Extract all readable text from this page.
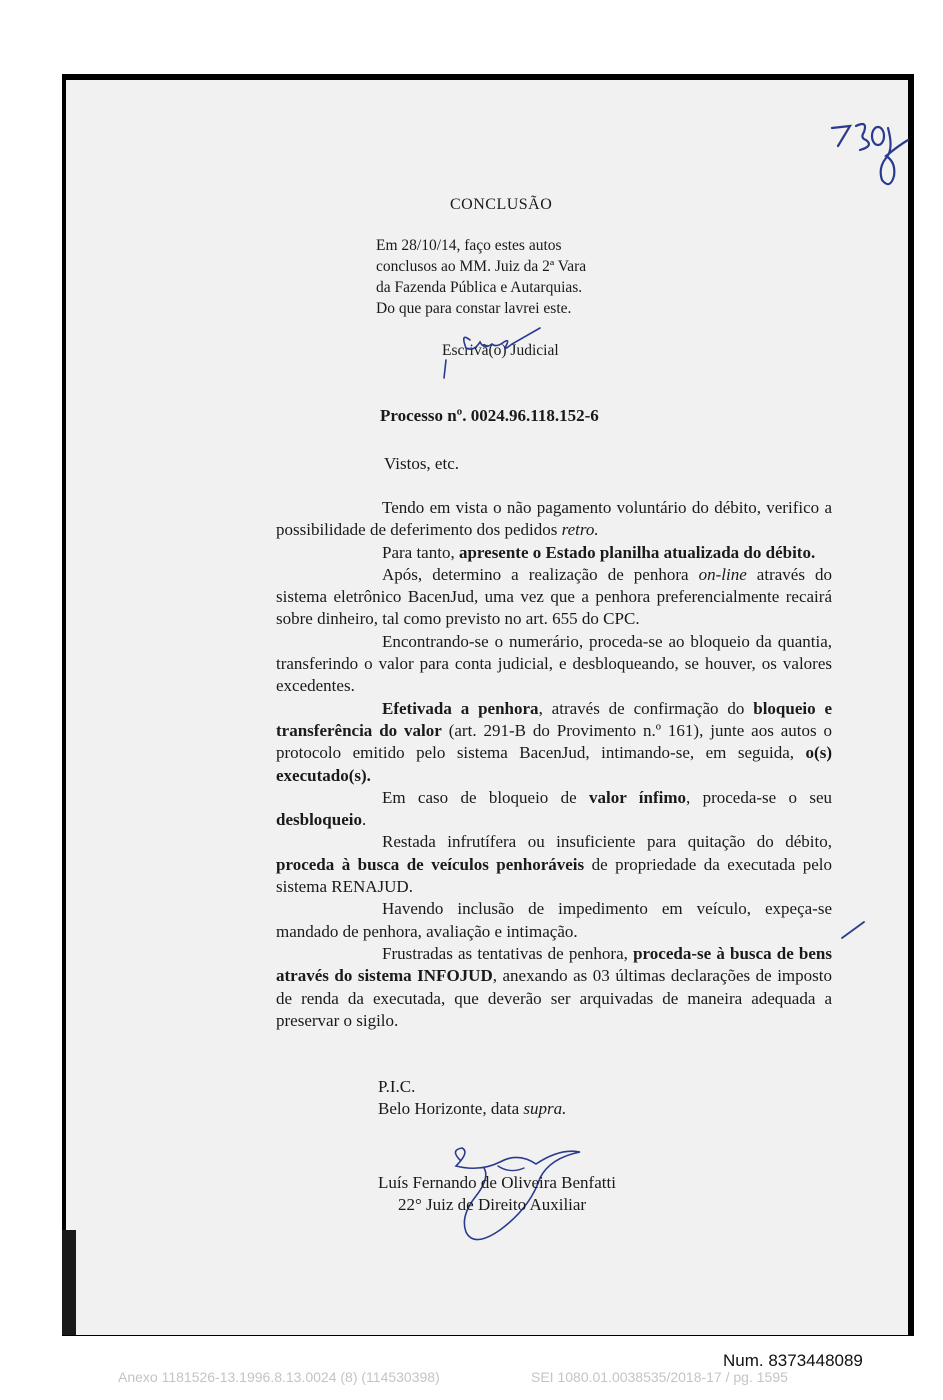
CONCLUSÃO
Em 28/10/14, faço estes autos
conclusos ao MM. Juiz da 2ª Vara
da Fazenda Pública e Autarquias.
Do que para constar lavrei este.
Escrivã(o) Judicial
Processo nº. 0024.96.118.152-6
Vistos, etc.

Tendo em vista o não pagamento voluntário do débito, verifico a possibilidade de deferimento dos pedidos retro.

Para tanto, apresente o Estado planilha atualizada do débito.

Após, determino a realização de penhora on-line através do sistema eletrônico BacenJud, uma vez que a penhora preferencialmente recairá sobre dinheiro, tal como previsto no art. 655 do CPC.

Encontrando-se o numerário, proceda-se ao bloqueio da quantia, transferindo o valor para conta judicial, e desbloqueando, se houver, os valores excedentes.

Efetivada a penhora, através de confirmação do bloqueio e transferência do valor (art. 291-B do Provimento n.º 161), junte aos autos o protocolo emitido pelo sistema BacenJud, intimando-se, em seguida, o(s) executado(s).

Em caso de bloqueio de valor ínfimo, proceda-se o seu desbloqueio.

Restada infrutífera ou insuficiente para quitação do débito, proceda à busca de veículos penhoráveis de propriedade da executada pelo sistema RENAJUD.

Havendo inclusão de impedimento em veículo, expeça-se mandado de penhora, avaliação e intimação.

Frustradas as tentativas de penhora, proceda-se à busca de bens através do sistema INFOJUD, anexando as 03 últimas declarações de imposto de renda da executada, que deverão ser arquivadas de maneira adequada a preservar o sigilo.

P.I.C.
Belo Horizonte, data supra.
Luís Fernando de Oliveira Benfatti
22° Juiz de Direito Auxiliar
Num. 8373448089
Anexo 1181526-13.1996.8.13.0024 (8) (114530398)	SEI 1080.01.0038535/2018-17 / pg. 1595
